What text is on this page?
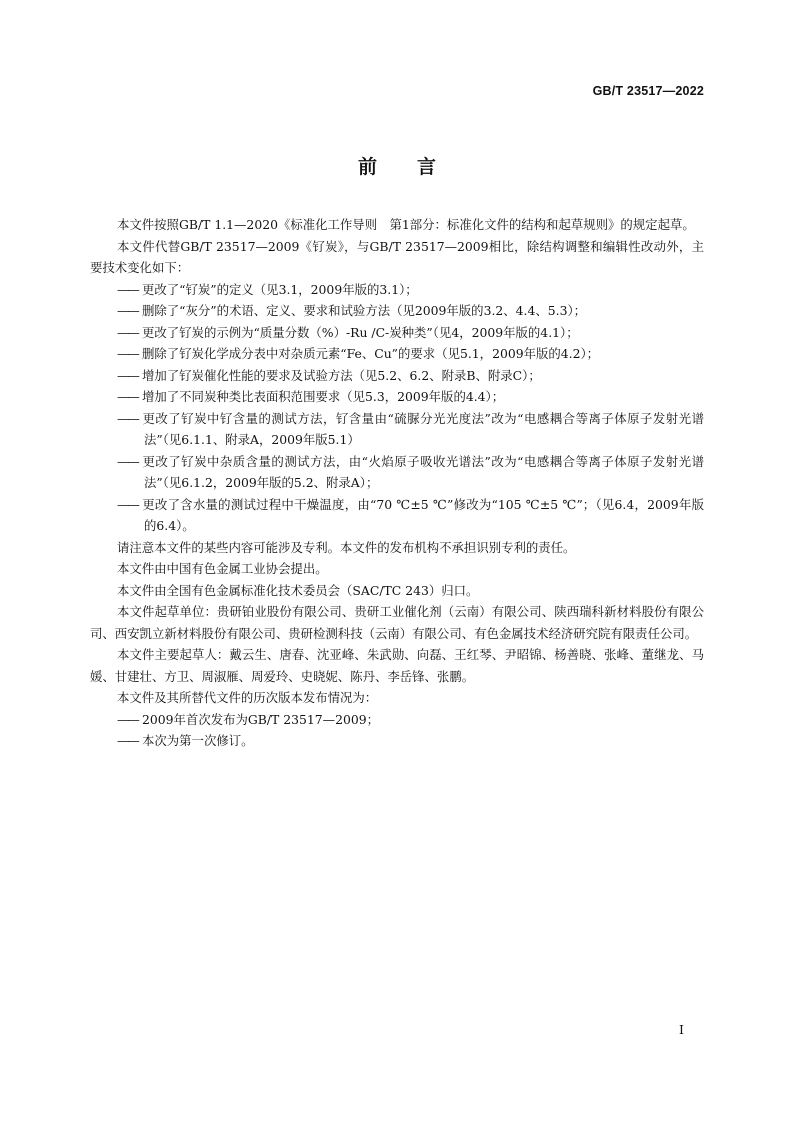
GB/T 23517—2022
前言

本文件按照GB/T 1.1—2020《标准化工作导则　第1部分：标准化文件的结构和起草规则》的规定起草。

本文件代替GB/T 23517—2009《钌炭》，与GB/T 23517—2009相比，除结构调整和编辑性改动外，主要技术变化如下：

—— 更改了“钌炭”的定义（见3.1，2009年版的3.1）；

—— 删除了“灰分”的术语、定义、要求和试验方法（见2009年版的3.2、4.4、5.3）；

—— 更改了钌炭的示例为“质量分数（%）-Ru /C-炭种类”（见4，2009年版的4.1）；

—— 删除了钌炭化学成分表中对杂质元素“Fe、Cu”的要求（见5.1，2009年版的4.2）；

—— 增加了钌炭催化性能的要求及试验方法（见5.2、6.2、附录B、附录C）；

—— 增加了不同炭种类比表面积范围要求（见5.3，2009年版的4.4）；

—— 更改了钌炭中钌含量的测试方法，钌含量由“硫脲分光光度法”改为“电感耦合等离子体原子发射光谱法”（见6.1.1、附录A，2009年版5.1）

—— 更改了钌炭中杂质含量的测试方法，由“火焰原子吸收光谱法”改为“电感耦合等离子体原子发射光谱法”（见6.1.2，2009年版的5.2、附录A）；

—— 更改了含水量的测试过程中干燥温度，由“70 ℃±5 ℃”修改为“105 ℃±5 ℃”；（见6.4，2009年版的6.4）。

请注意本文件的某些内容可能涉及专利。本文件的发布机构不承担识别专利的责任。

本文件由中国有色金属工业协会提出。

本文件由全国有色金属标准化技术委员会（SAC/TC 243）归口。

本文件起草单位：贵研铂业股份有限公司、贵研工业催化剂（云南）有限公司、陕西瑞科新材料股份有限公司、西安凯立新材料股份有限公司、贵研检测科技（云南）有限公司、有色金属技术经济研究院有限责任公司。

本文件主要起草人：戴云生、唐春、沈亚峰、朱武勋、向磊、王红琴、尹昭锦、杨善晓、张峰、董继龙、马媛、甘建壮、方卫、周淑雁、周爱玲、史晓妮、陈丹、李岳锋、张鹏。

本文件及其所替代文件的历次版本发布情况为：

—— 2009年首次发布为GB/T 23517—2009；

—— 本次为第一次修订。

I
